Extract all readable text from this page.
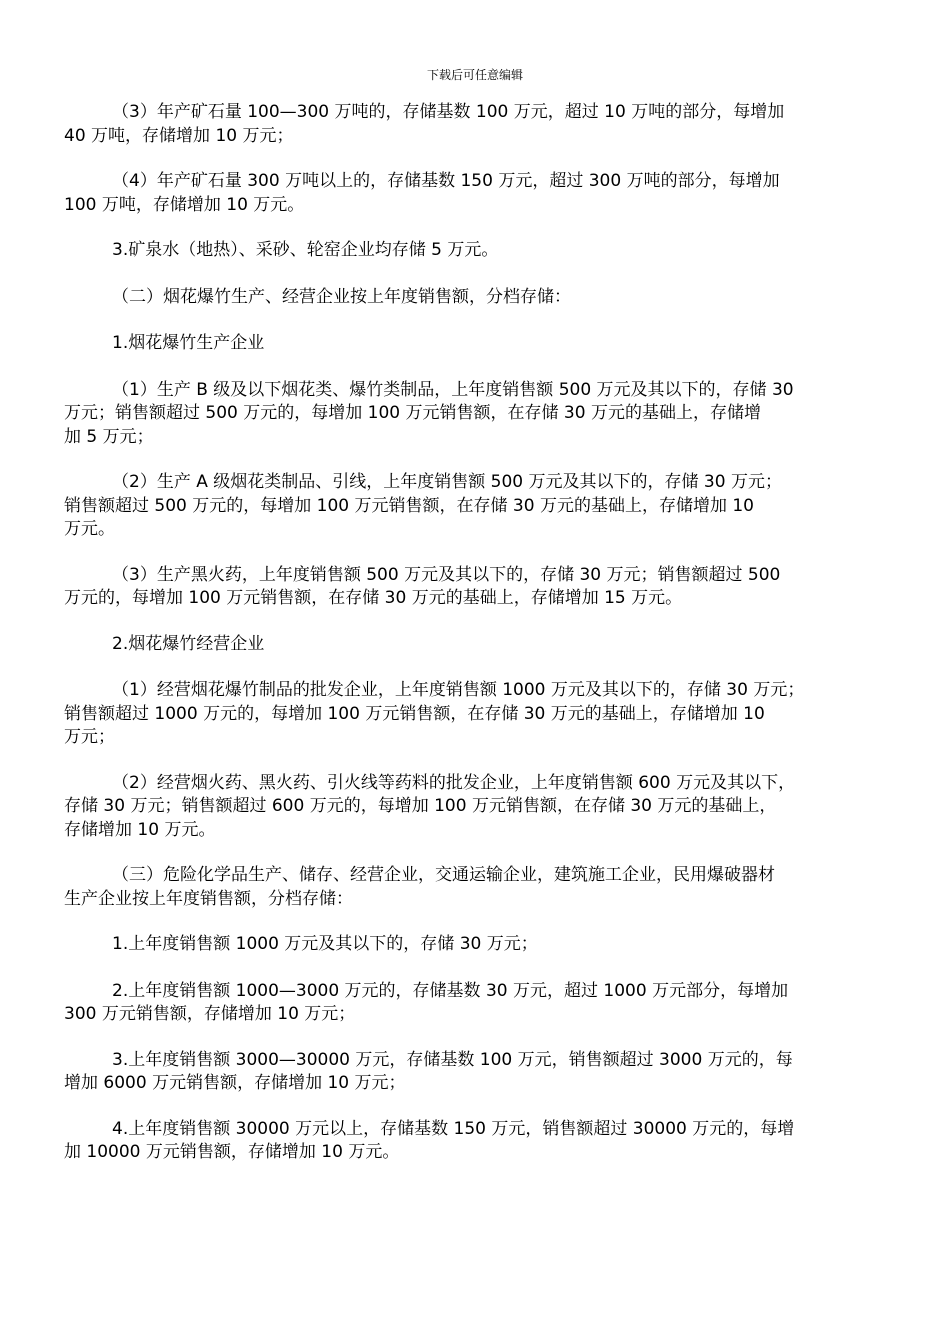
下载后可任意编辑
（3）年产矿石量 100—300 万吨的，存储基数 100 万元，超过 10 万吨的部分，每增加
40 万吨，存储增加 10 万元；
（4）年产矿石量 300 万吨以上的，存储基数 150 万元，超过 300 万吨的部分，每增加
100 万吨，存储增加 10 万元。
3.矿泉水（地热）、采砂、轮窑企业均存储 5 万元。
（二）烟花爆竹生产、经营企业按上年度销售额，分档存储：
1.烟花爆竹生产企业
（1）生产 B 级及以下烟花类、爆竹类制品，上年度销售额 500 万元及其以下的，存储 30
万元；销售额超过 500 万元的，每增加 100 万元销售额，在存储 30 万元的基础上，存储增
加 5 万元；
（2）生产 A 级烟花类制品、引线，上年度销售额 500 万元及其以下的，存储 30 万元；
销售额超过 500 万元的，每增加 100 万元销售额，在存储 30 万元的基础上，存储增加 10
万元。
（3）生产黑火药，上年度销售额 500 万元及其以下的，存储 30 万元；销售额超过 500
万元的，每增加 100 万元销售额，在存储 30 万元的基础上，存储增加 15 万元。
2.烟花爆竹经营企业
（1）经营烟花爆竹制品的批发企业，上年度销售额 1000 万元及其以下的，存储 30 万元；
销售额超过 1000 万元的，每增加 100 万元销售额，在存储 30 万元的基础上，存储增加 10
万元；
（2）经营烟火药、黑火药、引火线等药料的批发企业，上年度销售额 600 万元及其以下，
存储 30 万元；销售额超过 600 万元的，每增加 100 万元销售额，在存储 30 万元的基础上，
存储增加 10 万元。
（三）危险化学品生产、储存、经营企业，交通运输企业，建筑施工企业，民用爆破器材
生产企业按上年度销售额，分档存储：
1.上年度销售额 1000 万元及其以下的，存储 30 万元；
2.上年度销售额 1000—3000 万元的，存储基数 30 万元，超过 1000 万元部分，每增加
300 万元销售额，存储增加 10 万元；
3.上年度销售额 3000—30000 万元，存储基数 100 万元，销售额超过 3000 万元的，每
增加 6000 万元销售额，存储增加 10 万元；
4.上年度销售额 30000 万元以上，存储基数 150 万元，销售额超过 30000 万元的，每增
加 10000 万元销售额，存储增加 10 万元。
